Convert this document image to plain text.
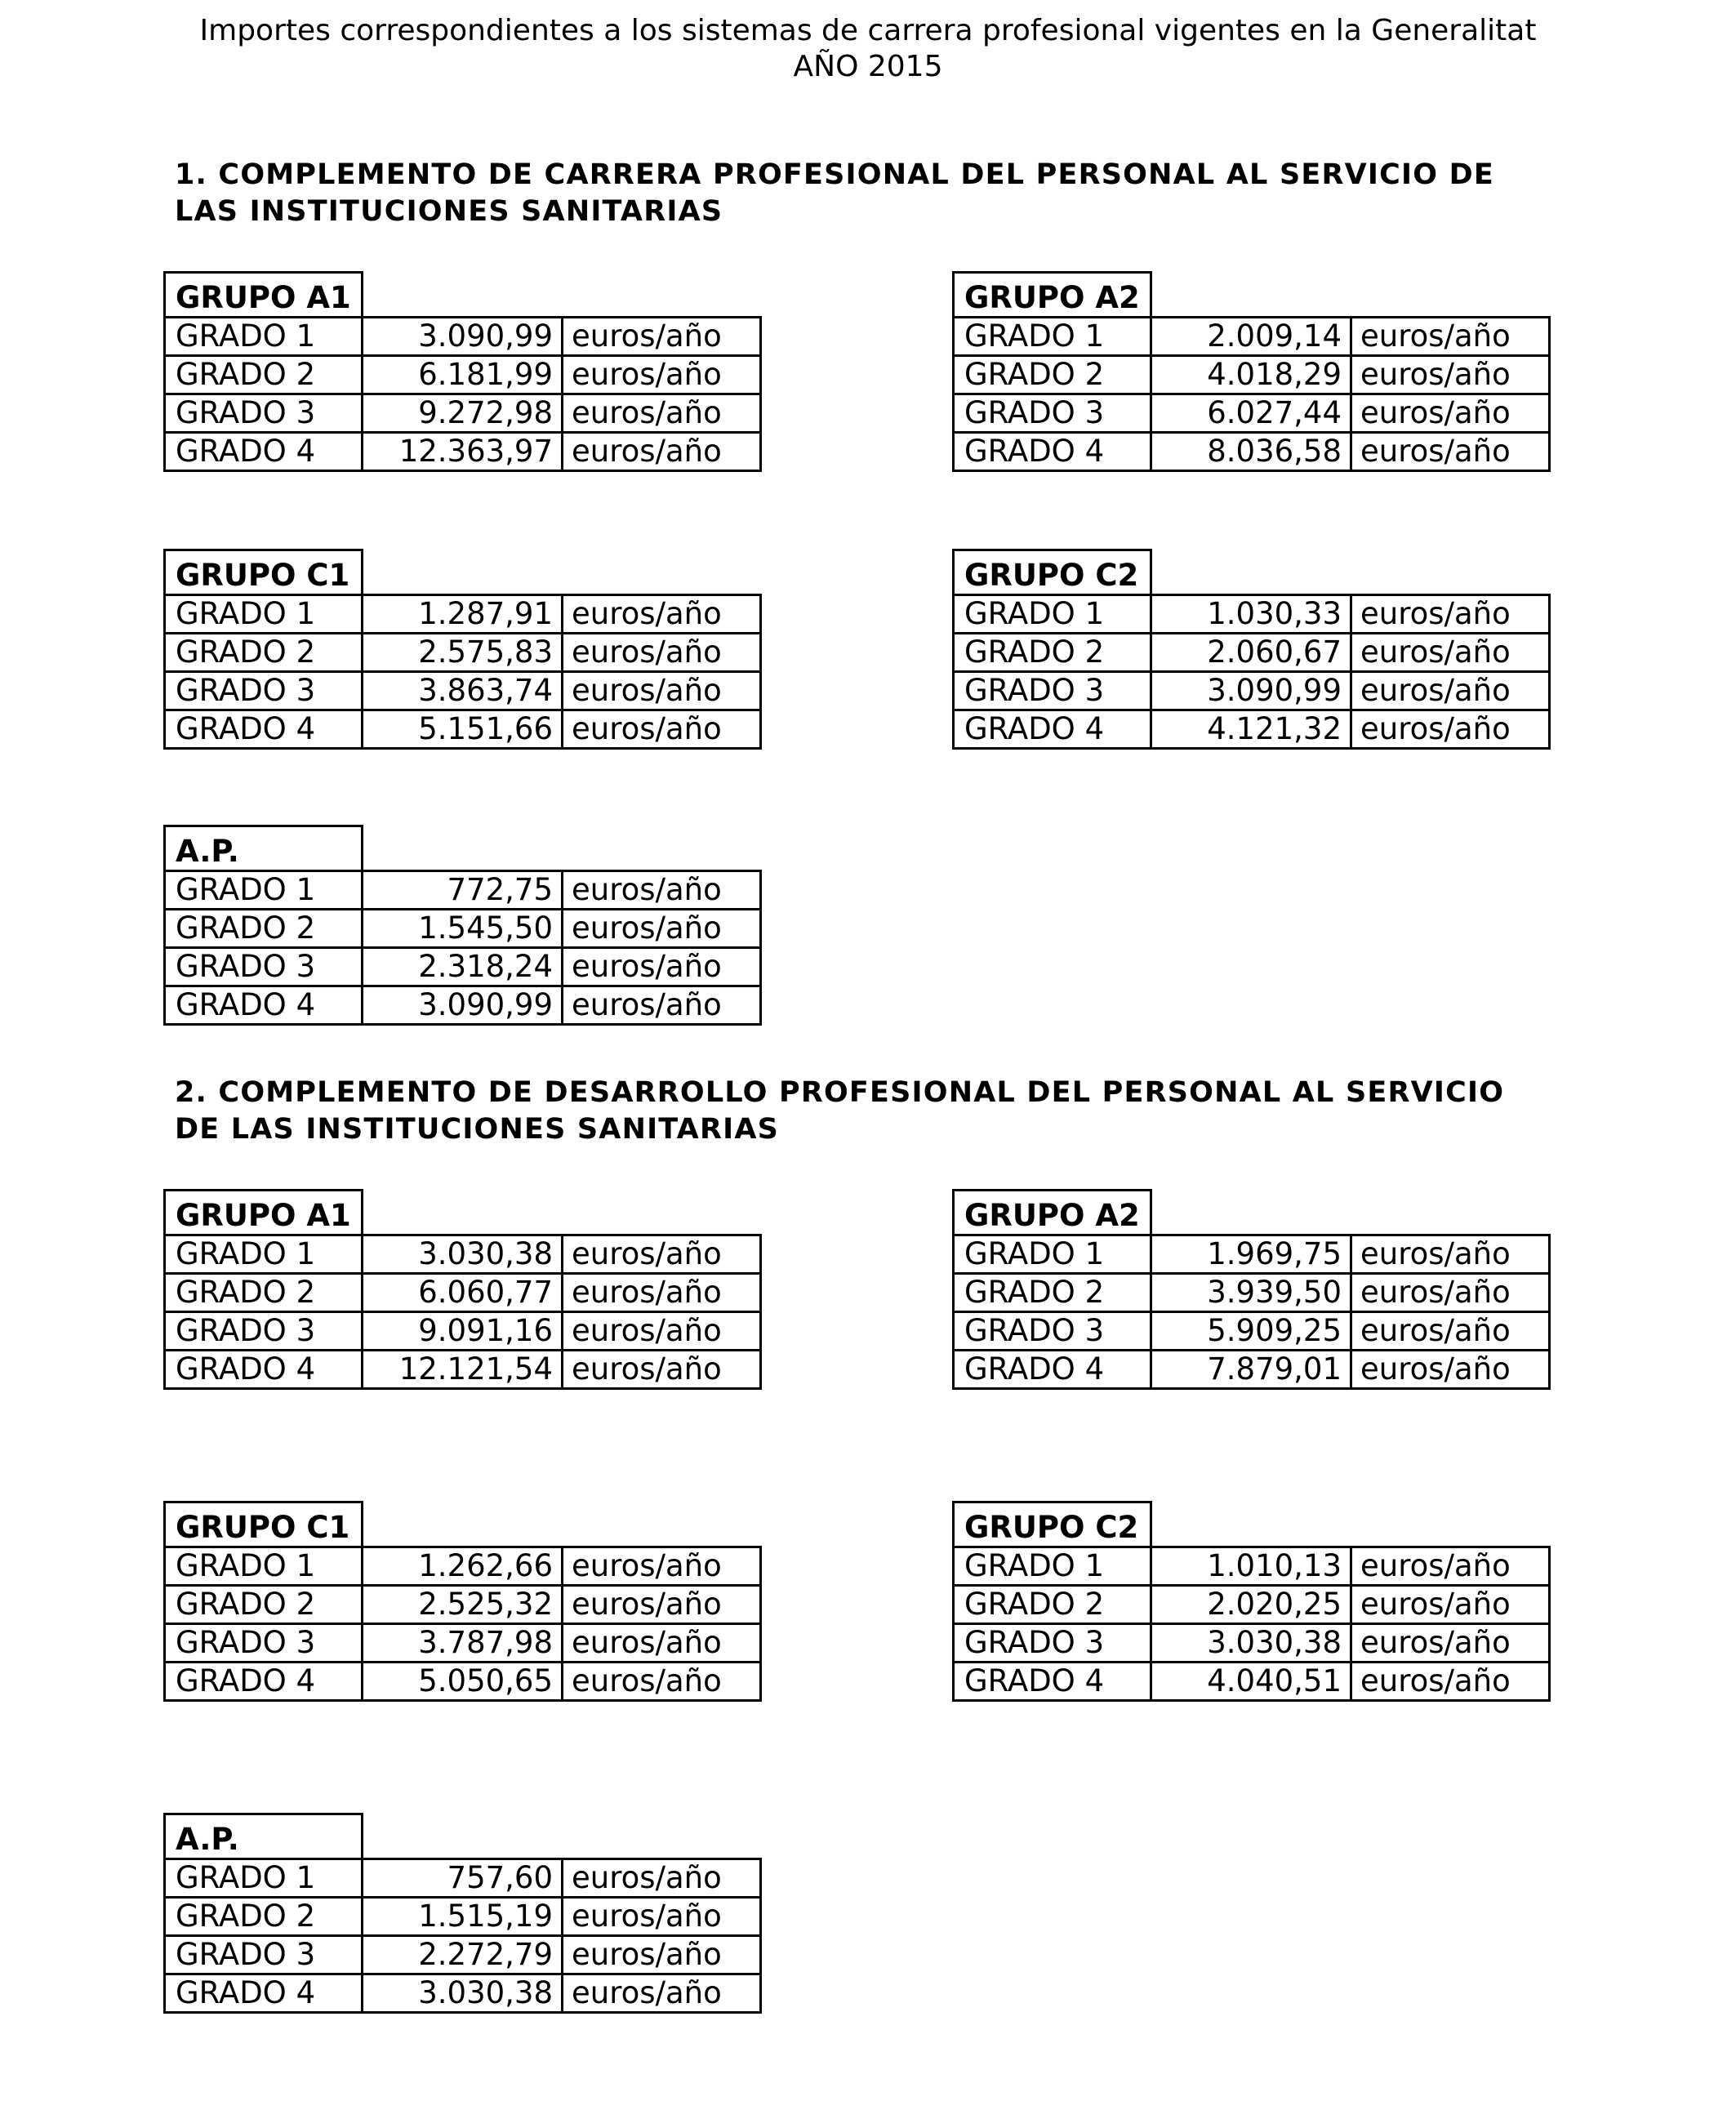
Importes correspondientes a los sistemas de carrera profesional vigentes en la Generalitat
AÑO 2015
1. COMPLEMENTO DE CARRERA PROFESIONAL DEL PERSONAL AL SERVICIO DE
LAS INSTITUCIONES SANITARIAS
2. COMPLEMENTO DE DESARROLLO PROFESIONAL DEL PERSONAL AL SERVICIO
DE LAS INSTITUCIONES SANITARIAS
GRUPO A1		
GRADO 1	3.090,99	euros/año
GRADO 2	6.181,99	euros/año
GRADO 3	9.272,98	euros/año
GRADO 4	12.363,97	euros/año
GRUPO A2		
GRADO 1	2.009,14	euros/año
GRADO 2	4.018,29	euros/año
GRADO 3	6.027,44	euros/año
GRADO 4	8.036,58	euros/año
GRUPO C1		
GRADO 1	1.287,91	euros/año
GRADO 2	2.575,83	euros/año
GRADO 3	3.863,74	euros/año
GRADO 4	5.151,66	euros/año
GRUPO C2		
GRADO 1	1.030,33	euros/año
GRADO 2	2.060,67	euros/año
GRADO 3	3.090,99	euros/año
GRADO 4	4.121,32	euros/año
A.P.		
GRADO 1	772,75	euros/año
GRADO 2	1.545,50	euros/año
GRADO 3	2.318,24	euros/año
GRADO 4	3.090,99	euros/año
GRUPO A1		
GRADO 1	3.030,38	euros/año
GRADO 2	6.060,77	euros/año
GRADO 3	9.091,16	euros/año
GRADO 4	12.121,54	euros/año
GRUPO A2		
GRADO 1	1.969,75	euros/año
GRADO 2	3.939,50	euros/año
GRADO 3	5.909,25	euros/año
GRADO 4	7.879,01	euros/año
GRUPO C1		
GRADO 1	1.262,66	euros/año
GRADO 2	2.525,32	euros/año
GRADO 3	3.787,98	euros/año
GRADO 4	5.050,65	euros/año
GRUPO C2		
GRADO 1	1.010,13	euros/año
GRADO 2	2.020,25	euros/año
GRADO 3	3.030,38	euros/año
GRADO 4	4.040,51	euros/año
A.P.		
GRADO 1	757,60	euros/año
GRADO 2	1.515,19	euros/año
GRADO 3	2.272,79	euros/año
GRADO 4	3.030,38	euros/año
